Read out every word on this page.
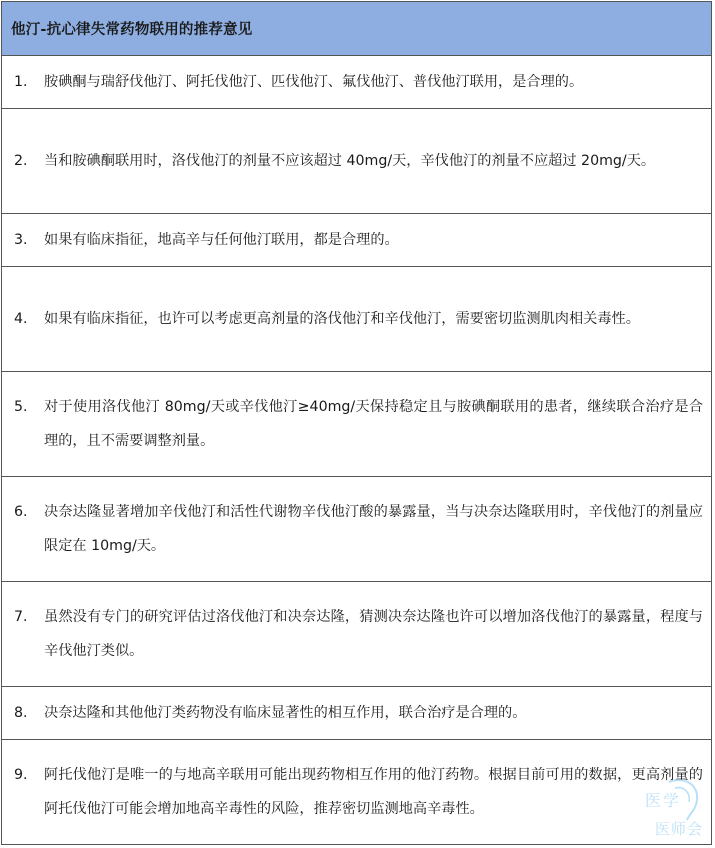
他汀-抗心律失常药物联用的推荐意见

1.	胺碘酮与瑞舒伐他汀、阿托伐他汀、匹伐他汀、氟伐他汀、普伐他汀联用，是合理的。

2.	当和胺碘酮联用时，洛伐他汀的剂量不应该超过 40mg/天，辛伐他汀的剂量不应超过 20mg/天。

3.	如果有临床指征，地高辛与任何他汀联用，都是合理的。

4.	如果有临床指征，也许可以考虑更高剂量的洛伐他汀和辛伐他汀，需要密切监测肌肉相关毒性。

5.	对于使用洛伐他汀 80mg/天或辛伐他汀≥40mg/天保持稳定且与胺碘酮联用的患者，继续联合治疗是合理的，且不需要调整剂量。

6.	决奈达隆显著增加辛伐他汀和活性代谢物辛伐他汀酸的暴露量，当与决奈达隆联用时，辛伐他汀的剂量应限定在 10mg/天。

7.	虽然没有专门的研究评估过洛伐他汀和决奈达隆，猜测决奈达隆也许可以增加洛伐他汀的暴露量，程度与辛伐他汀类似。

8.	决奈达隆和其他他汀类药物没有临床显著性的相互作用，联合治疗是合理的。

9.	阿托伐他汀是唯一的与地高辛联用可能出现药物相互作用的他汀药物。根据目前可用的数据，更高剂量的阿托伐他汀可能会增加地高辛毒性的风险，推荐密切监测地高辛毒性。	医学
医师会
